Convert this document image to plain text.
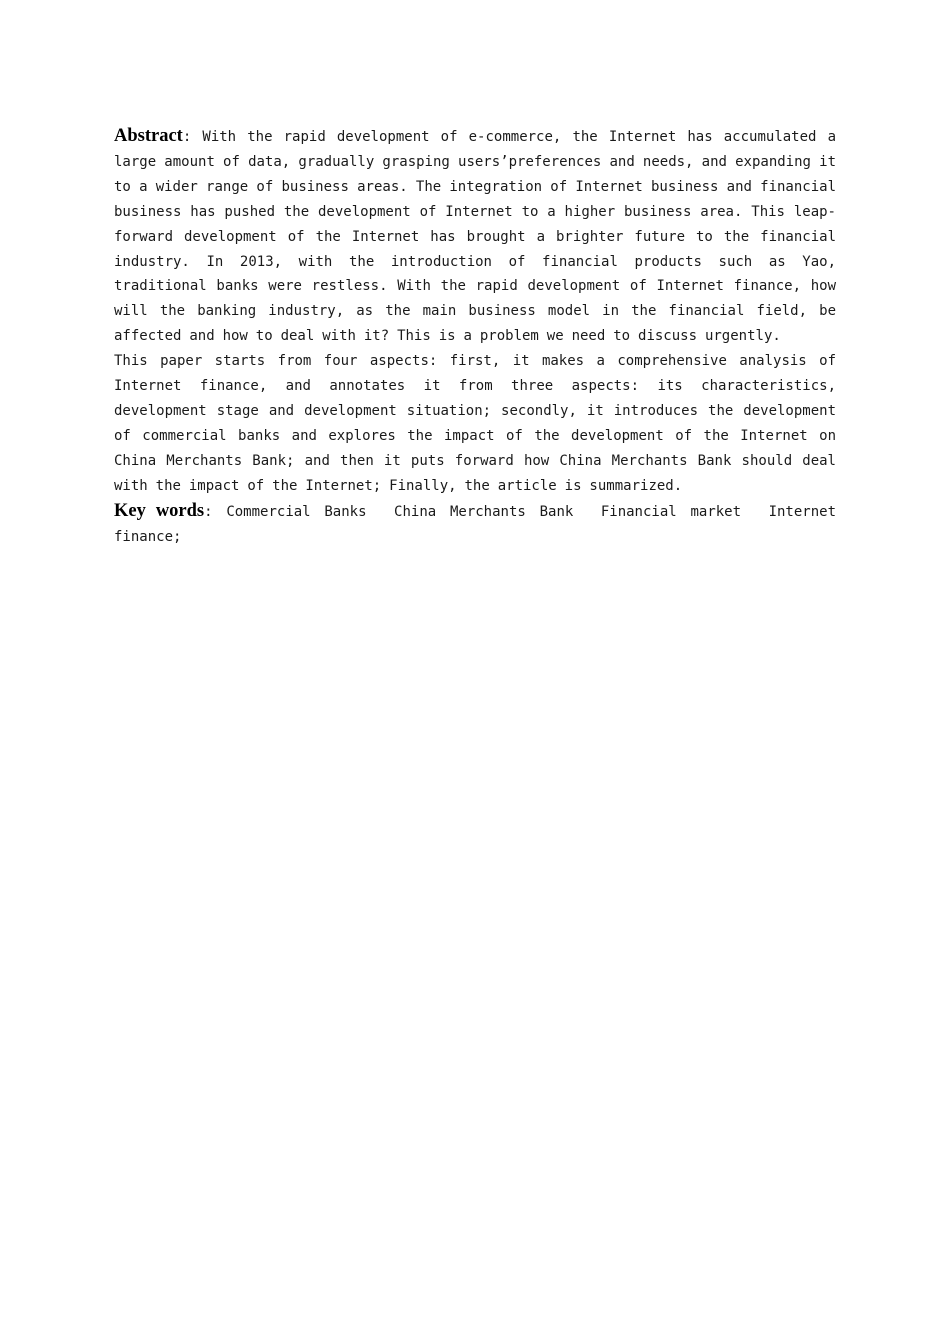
Abstract: With the rapid development of e-commerce, the Internet has accumulated a large amount of data, gradually grasping users’preferences and needs, and expanding it to a wider range of business areas. The integration of Internet business and financial business has pushed the development of Internet to a higher business area. This leap-forward development of the Internet has brought a brighter future to the financial industry. In 2013, with the introduction of financial products such as Yao, traditional banks were restless. With the rapid development of Internet finance, how will the banking industry, as the main business model in the financial field, be affected and how to deal with it? This is a problem we need to discuss urgently.

This paper starts from four aspects: first, it makes a comprehensive analysis of Internet finance, and annotates it from three aspects: its characteristics, development stage and development situation; secondly, it introduces the development of commercial banks and explores the impact of the development of the Internet on China Merchants Bank; and then it puts forward how China Merchants Bank should deal with the impact of the Internet; Finally, the article is summarized.

Key words: Commercial Banks  China Merchants Bank  Financial market  Internet finance;
